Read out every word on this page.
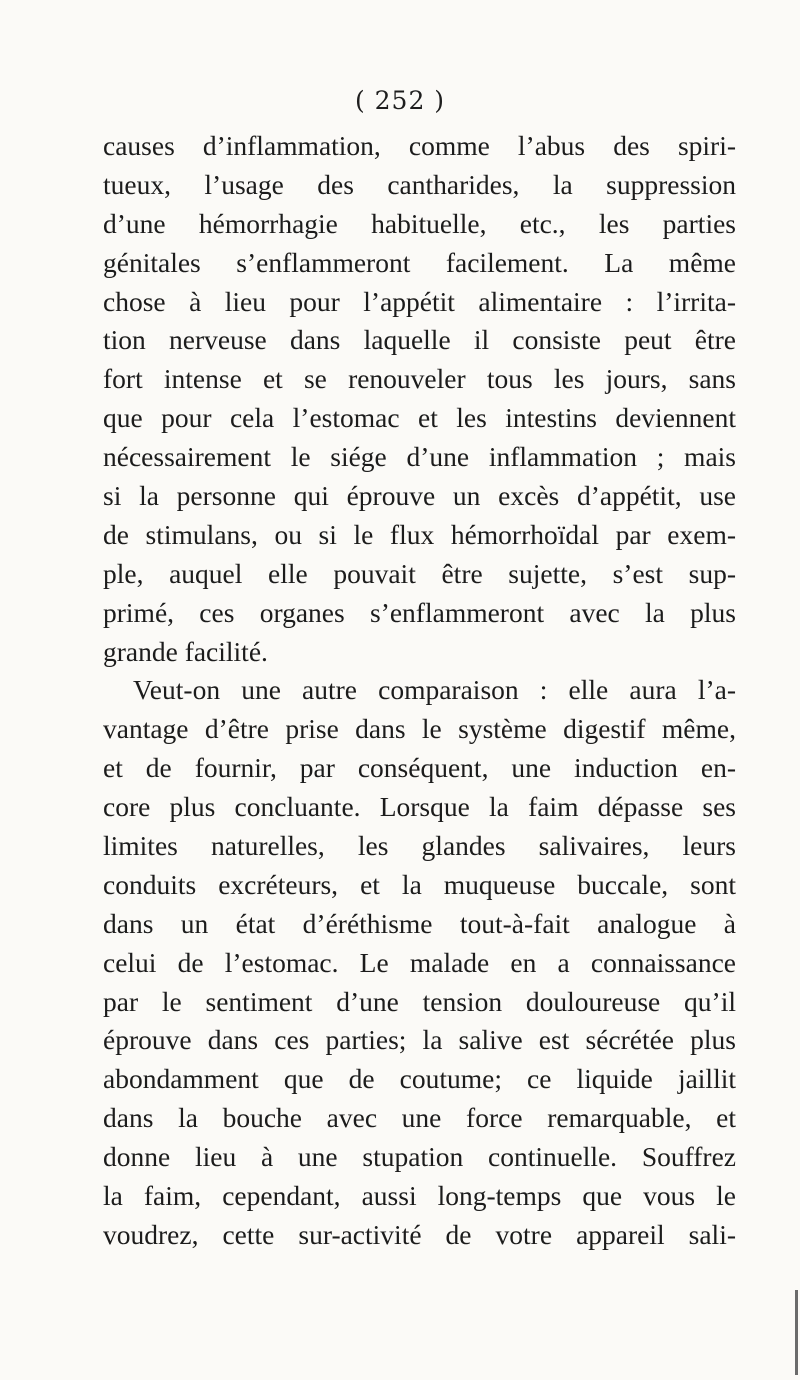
( 252 )
causes d’inflammation, comme l’abus des spiri-
tueux, l’usage des cantharides, la suppression
d’une hémorrhagie habituelle, etc., les parties
génitales s’enflammeront facilement. La même
chose à lieu pour l’appétit alimentaire : l’irrita-
tion nerveuse dans laquelle il consiste peut être
fort intense et se renouveler tous les jours, sans
que pour cela l’estomac et les intestins deviennent
nécessairement le siége d’une inflammation ; mais
si la personne qui éprouve un excès d’appétit, use
de stimulans, ou si le flux hémorrhoïdal par exem-
ple, auquel elle pouvait être sujette, s’est sup-
primé, ces organes s’enflammeront avec la plus
grande facilité.
Veut-on une autre comparaison : elle aura l’a-
vantage d’être prise dans le système digestif même,
et de fournir, par conséquent, une induction en-
core plus concluante. Lorsque la faim dépasse ses
limites naturelles, les glandes salivaires, leurs
conduits excréteurs, et la muqueuse buccale, sont
dans un état d’éréthisme tout-à-fait analogue à
celui de l’estomac. Le malade en a connaissance
par le sentiment d’une tension douloureuse qu’il
éprouve dans ces parties; la salive est sécrétée plus
abondamment que de coutume; ce liquide jaillit
dans la bouche avec une force remarquable, et
donne lieu à une stupation continuelle. Souffrez
la faim, cependant, aussi long-temps que vous le
voudrez, cette sur-activité de votre appareil sali-
